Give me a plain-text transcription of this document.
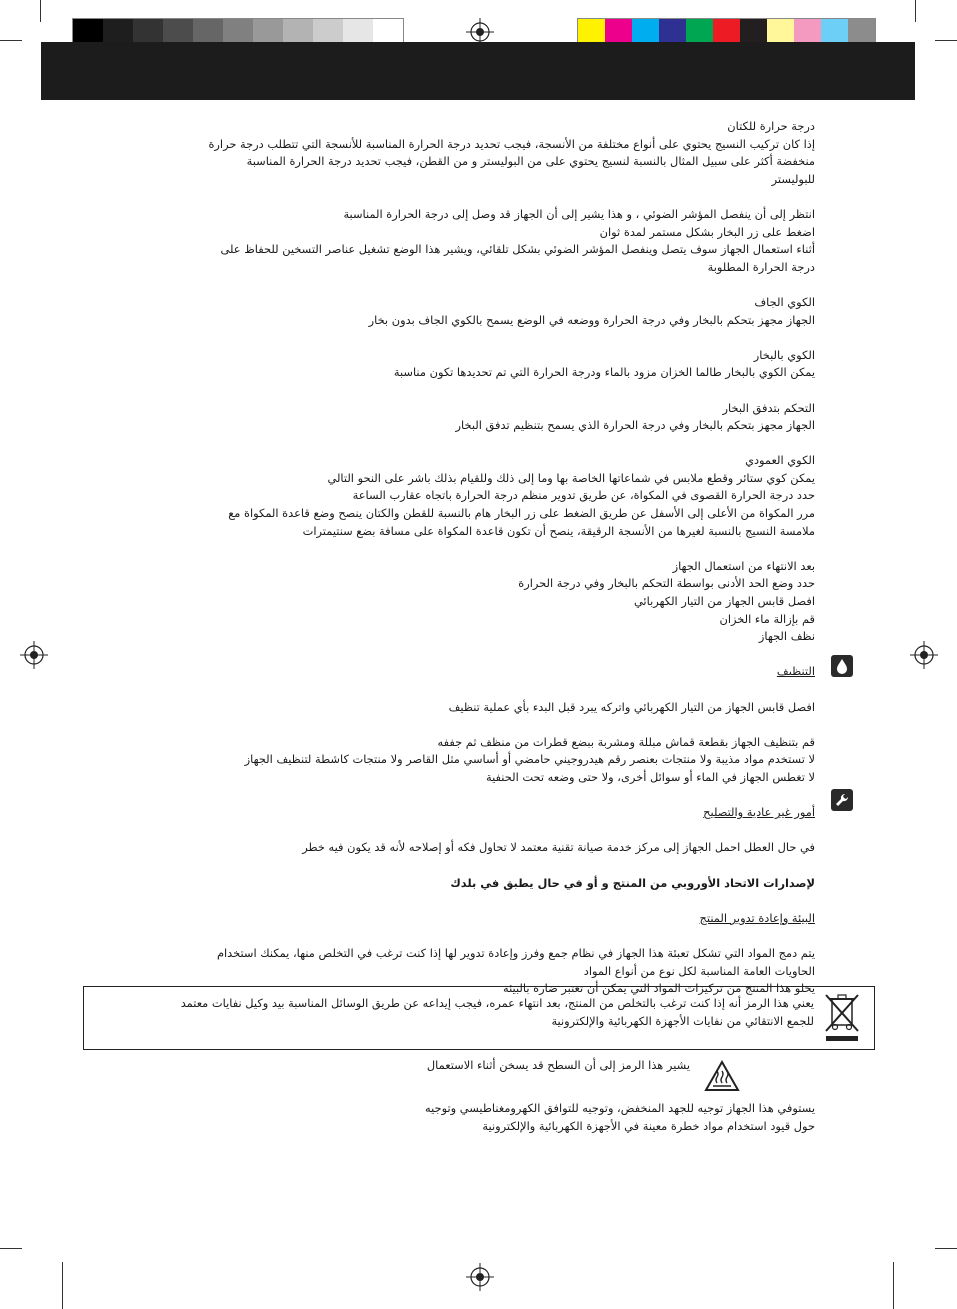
درجة حرارة للكتان

إذا كان تركيب النسيج يحتوي على أنواع مختلفة من الأنسجة، فيجب تحديد درجة الحرارة المناسبة للأنسجة التي تتطلب درجة حرارة

منخفضة أكثر على سبيل المثال بالنسبة لنسيج يحتوي على من البوليستر و من القطن، فيجب تحديد درجة الحرارة المناسبة

للبوليستر

انتظر إلى أن ينفصل المؤشر الضوئي ، و هذا يشير إلى أن الجهاز قد وصل إلى درجة الحرارة المناسبة

اضغط على زر البخار بشكل مستمر لمدة ثوان

أثناء استعمال الجهاز سوف يتصل وينفصل المؤشر الضوئي بشكل تلقائي، ويشير هذا الوضع تشغيل عناصر التسخين للحفاظ على

درجة الحرارة المطلوبة

الكوي الجاف

الجهاز مجهز بتحكم بالبخار وفي درجة الحرارة ووضعه في الوضع يسمح بالكوي الجاف بدون بخار

الكوي بالبخار

يمكن الكوي بالبخار طالما الخزان مزود بالماء ودرجة الحرارة التي تم تحديدها تكون مناسبة

التحكم بتدفق البخار

الجهاز مجهز بتحكم بالبخار وفي درجة الحرارة الذي يسمح بتنظيم تدفق البخار

الكوي العمودي

يمكن كوي ستائر وقطع ملابس في شماعاتها الخاصة بها وما إلى ذلك وللقيام بذلك باشر على النحو التالي

حدد درجة الحرارة القصوى في المكواة، عن طريق تدوير منظم درجة الحرارة باتجاه عقارب الساعة

مرر المكواة من الأعلى إلى الأسفل عن طريق الضغط على زر البخار هام بالنسبة للقطن والكتان ينصح وضع قاعدة المكواة مع

ملامسة النسيج بالنسبة لغيرها من الأنسجة الرقيقة، ينصح أن تكون قاعدة المكواة على مسافة بضع سنتيمترات

بعد الانتهاء من استعمال الجهاز

حدد وضع الحد الأدنى بواسطة التحكم بالبخار وفي درجة الحرارة

افصل قابس الجهاز من التيار الكهربائي

قم بإزالة ماء الخزان

نظف الجهاز

التنظيف

افصل قابس الجهاز من التيار الكهربائي واتركه يبرد قبل البدء بأي عملية تنظيف

قم بتنظيف الجهاز بقطعة قماش مبللة ومشربة ببضع قطرات من منظف ثم جففه

لا تستخدم مواد مذيبة ولا منتجات بعنصر رقم هيدروجيني حامضي أو أساسي مثل القاصر ولا منتجات كاشطة لتنظيف الجهاز

لا تغطس الجهاز في الماء أو سوائل أخرى، ولا حتى وضعه تحت الحنفية

أمور غير عادية والتصليح

في حال العطل احمل الجهاز إلى مركز خدمة صيانة تقنية معتمد لا تحاول فكه أو إصلاحه لأنه قد يكون فيه خطر

لإصدارات الاتحاد الأوروبي من المنتج و أو في حال يطبق في بلدك

البيئة وإعادة تدوير المنتج

يتم دمج المواد التي تشكل تعبئة هذا الجهاز في نظام جمع وفرز وإعادة تدوير لها إذا كنت ترغب في التخلص منها، يمكنك استخدام

الحاويات العامة المناسبة لكل نوع من أنواع المواد

يخلو هذا المنتج من تركيزات المواد التي يمكن أن تعتبر ضارة بالبيئة

يعني هذا الرمز أنه إذا كنت ترغب بالتخلص من المنتج، بعد انتهاء عمره، فيجب إيداعه عن طريق الوسائل المناسبة بيد وكيل نفايات معتمد

للجمع الانتقائي من نفايات الأجهزة الكهربائية والإلكترونية

يشير هذا الرمز إلى أن السطح قد يسخن أثناء الاستعمال

يستوفي هذا الجهاز توجيه للجهد المنخفض، وتوجيه للتوافق الكهرومغناطيسي وتوجيه

حول قيود استخدام مواد خطرة معينة في الأجهزة الكهربائية والإلكترونية
